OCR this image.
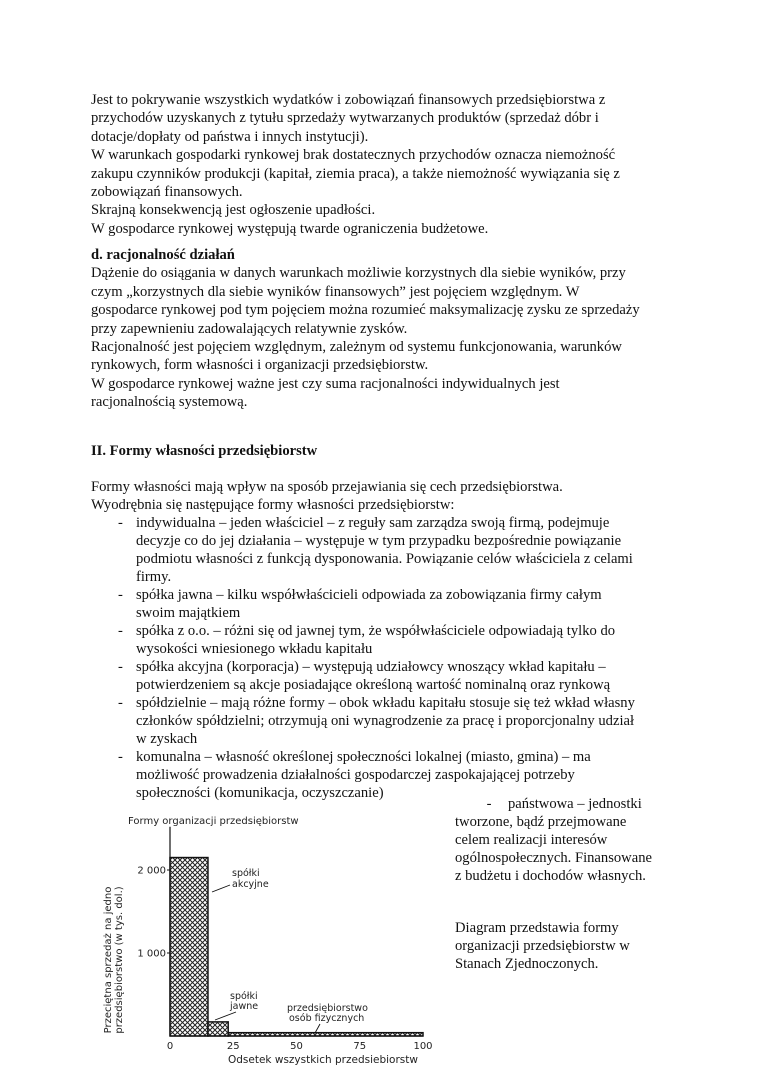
Jest to pokrywanie wszystkich wydatków i zobowiązań finansowych przedsiębiorstwa z
przychodów uzyskanych z tytułu sprzedaży wytwarzanych produktów (sprzedaż dóbr i
dotacje/dopłaty od państwa i innych instytucji).
W warunkach gospodarki rynkowej brak dostatecznych przychodów oznacza niemożność
zakupu czynników produkcji (kapitał, ziemia praca), a także niemożność wywiązania się z
zobowiązań finansowych.
Skrajną konsekwencją jest ogłoszenie upadłości.
W gospodarce rynkowej występują twarde ograniczenia budżetowe.
d. racjonalność działań
Dążenie do osiągania w danych warunkach możliwie korzystnych dla siebie wyników, przy
czym „korzystnych dla siebie wyników finansowych” jest pojęciem względnym. W
gospodarce rynkowej pod tym pojęciem można rozumieć maksymalizację zysku ze sprzedaży
przy zapewnieniu zadowalających relatywnie zysków.
Racjonalność jest pojęciem względnym, zależnym od systemu funkcjonowania, warunków
rynkowych, form własności i organizacji przedsiębiorstw.
W gospodarce rynkowej ważne jest czy suma racjonalności indywidualnych jest
racjonalnością systemową.
II. Formy własności przedsiębiorstw
Formy własności mają wpływ na sposób przejawiania się cech przedsiębiorstwa.
Wyodrębnia się następujące formy własności przedsiębiorstw:
- indywidualna – jeden właściciel – z reguły sam zarządza swoją firmą, podejmuje
decyzje co do jej działania – występuje w tym przypadku bezpośrednie powiązanie
podmiotu własności z funkcją dysponowania. Powiązanie celów właściciela z celami
firmy.
- spółka jawna – kilku współwłaścicieli odpowiada za zobowiązania firmy całym
swoim majątkiem
- spółka z o.o. – różni się od jawnej tym, że współwłaściciele odpowiadają tylko do
wysokości wniesionego wkładu kapitału
- spółka akcyjna (korporacja) – występują udziałowcy wnoszący wkład kapitału –
potwierdzeniem są akcje posiadające określoną wartość nominalną oraz rynkową
- spółdzielnie – mają różne formy – obok wkładu kapitału stosuje się też wkład własny
członków spółdzielni; otrzymują oni wynagrodzenie za pracę i proporcjonalny udział
w zyskach
- komunalna – własność określonej społeczności lokalnej (miasto, gmina) – ma
możliwość prowadzenia działalności gospodarczej zaspokajającej potrzeby
społeczności (komunikacja, oczyszczanie)
- państwowa – jednostki
tworzone, bądź przejmowane
celem realizacji interesów
ogólnospołecznych. Finansowane
z budżetu i dochodów własnych.
Diagram przedstawia formy
organizacji przedsiębiorstw w
Stanach Zjednoczonych.
Formy organizacji przedsiębiorstw
Odsetek wszystkich przedsiebiorstw
Przeciętna sprzedaż na jedno przedsiębiorstwo (w tys. dol.) 1 000
2 000
0	25	50	75	100
spółki
akcyjne
spółki
jawne	przedsiębiorstwo
osób fizycznych
